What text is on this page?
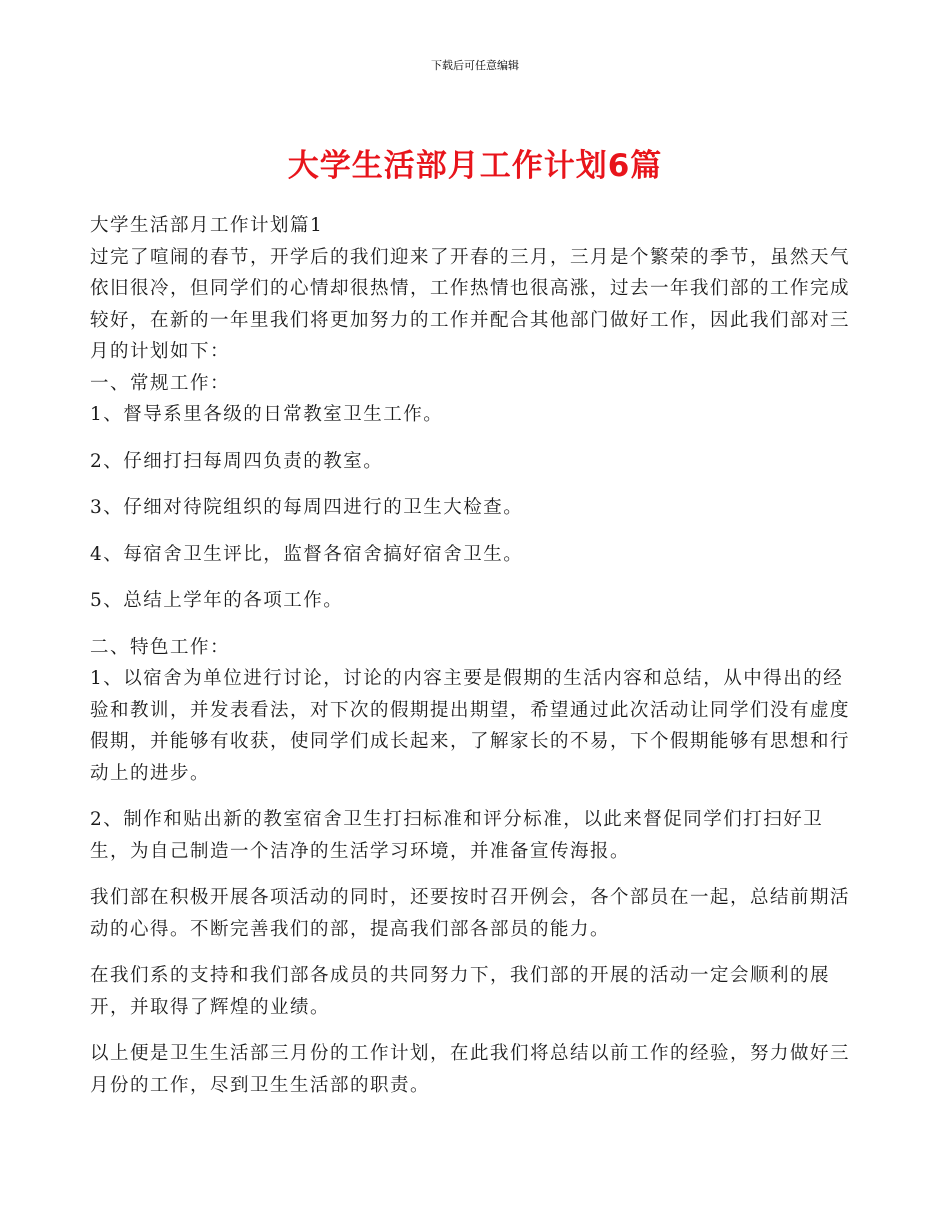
下载后可任意编辑
大学生活部月工作计划6篇

大学生活部月工作计划篇1

过完了喧闹的春节，开学后的我们迎来了开春的三月，三月是个繁荣的季节，虽然天气依旧很冷，但同学们的心情却很热情，工作热情也很高涨，过去一年我们部的工作完成较好，在新的一年里我们将更加努力的工作并配合其他部门做好工作，因此我们部对三月的计划如下：

一、常规工作：

1、督导系里各级的日常教室卫生工作。

2、仔细打扫每周四负责的教室。

3、仔细对待院组织的每周四进行的卫生大检查。

4、每宿舍卫生评比，监督各宿舍搞好宿舍卫生。

5、总结上学年的各项工作。

二、特色工作：

1、以宿舍为单位进行讨论，讨论的内容主要是假期的生活内容和总结，从中得出的经验和教训，并发表看法，对下次的假期提出期望，希望通过此次活动让同学们没有虚度假期，并能够有收获，使同学们成长起来，了解家长的不易，下个假期能够有思想和行动上的进步。

2、制作和贴出新的教室宿舍卫生打扫标准和评分标准，以此来督促同学们打扫好卫生，为自己制造一个洁净的生活学习环境，并准备宣传海报。

我们部在积极开展各项活动的同时，还要按时召开例会，各个部员在一起，总结前期活动的心得。不断完善我们的部，提高我们部各部员的能力。

在我们系的支持和我们部各成员的共同努力下，我们部的开展的活动一定会顺利的展开，并取得了辉煌的业绩。

以上便是卫生生活部三月份的工作计划，在此我们将总结以前工作的经验，努力做好三月份的工作，尽到卫生生活部的职责。
